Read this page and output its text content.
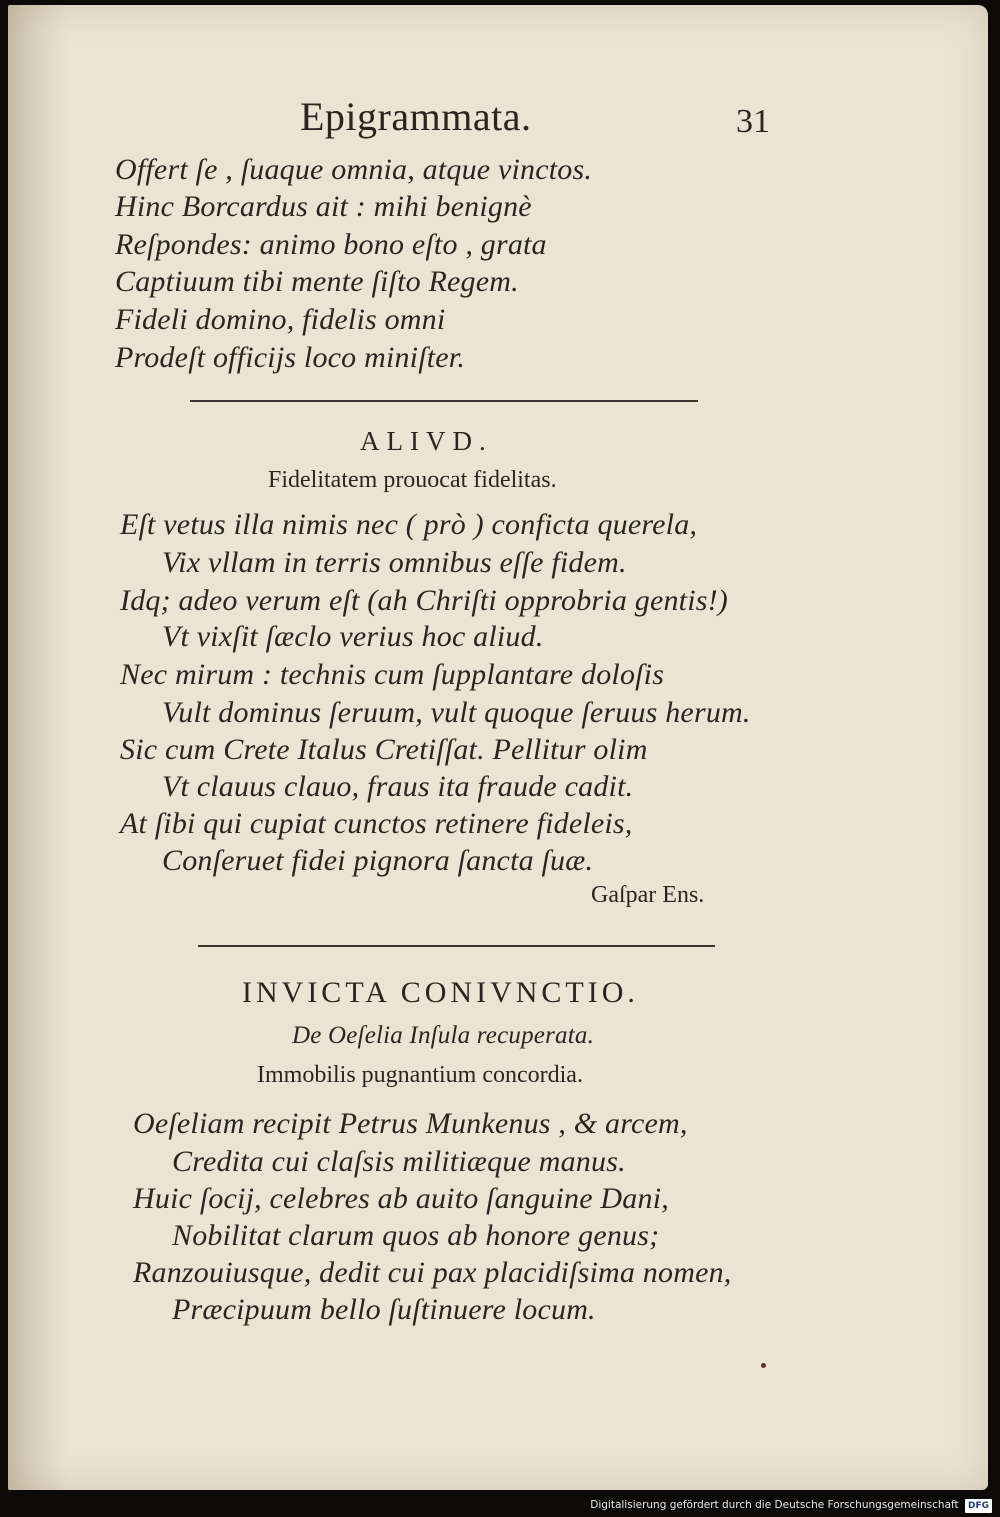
Epigrammata.	31
Offert ſe , ſuaque omnia, atque vinctos.
Hinc Borcardus ait : mihi benignè
Reſpondes: animo bono eſto , grata
Captiuum tibi mente ſiſto Regem.
Fideli domino, fidelis omni
Prodeſt officijs loco miniſter.
ALIVD.
Fidelitatem prouocat fidelitas.
Eſt vetus illa nimis nec ( prò ) conficta querela,
Vix vllam in terris omnibus eſſe fidem.
Idq; adeo verum eſt (ah Chriſti opprobria gentis!)
Vt vixſit ſæclo verius hoc aliud.
Nec mirum : technis cum ſupplantare doloſis
Vult dominus ſeruum, vult quoque ſeruus herum.
Sic cum Crete Italus Cretiſſat. Pellitur olim
Vt clauus clauo, fraus ita fraude cadit.
At ſibi qui cupiat cunctos retinere fideleis,
Conſeruet fidei pignora ſancta ſuæ.
Gaſpar Ens.
INVICTA CONIVNCTIO.
De Oeſelia Inſula recuperata.
Immobilis pugnantium concordia.
Oeſeliam recipit Petrus Munkenus , & arcem,
Credita cui claſsis militiæque manus.
Huic ſocij, celebres ab auito ſanguine Dani,
Nobilitat clarum quos ab honore genus;
Ranzouiusque, dedit cui pax placidiſsima nomen,
Præcipuum bello ſuſtinuere locum.
Digitalisierung gefördert durch die Deutsche Forschungsgemeinschaft DFG
